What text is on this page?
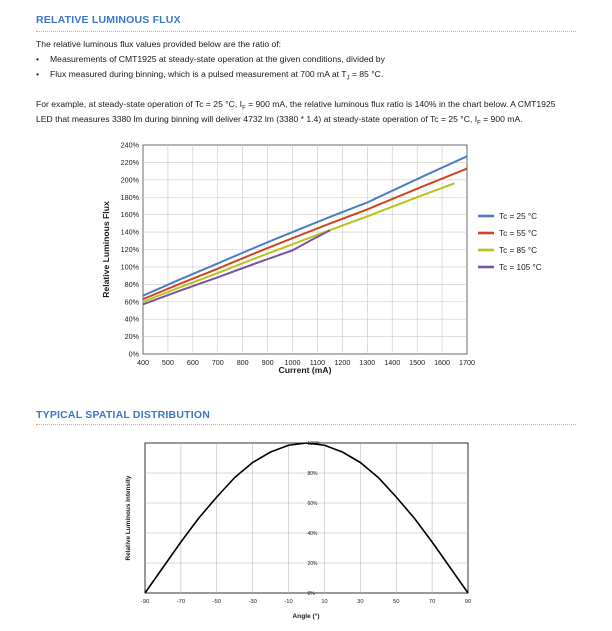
RELATIVE LUMINOUS FLUX

The relative luminous flux values provided below are the ratio of:

• Measurements of CMT1925 at steady-state operation at the given conditions, divided by
• Flux measured during binning, which is a pulsed measurement at 700 mA at $T_J = 85$ °C.

For example, at steady-state operation of Tc = 25 °C, $I_F = 900$ mA, the relative luminous flux ratio is 140% in the chart below. A CMT1925

LED that measures 3380 lm during binning will deliver 4732 lm (3380 * 1.4) at steady-state operation of Tc = 25 °C, $I_F = 900$ mA.

0%
20%
40%
60%
80%
100%
120%
140%
160%
180%
200%
220%
240%
400 500 600 700 800 900 1000 1100 1200 1300 1400 1500 1600 1700
Tc = 25 °C
Tc = 55 °C
Tc = 85 °C
Tc = 105 °C
Relative Luminous Flux
Current (mA)
TYPICAL SPATIAL DISTRIBUTION
0%
20%
40%
60%
80%
100%
-90	-70	-50	-30	-10	10	30	50	70	90
Relative Luminous Intensity
Angle (°)
